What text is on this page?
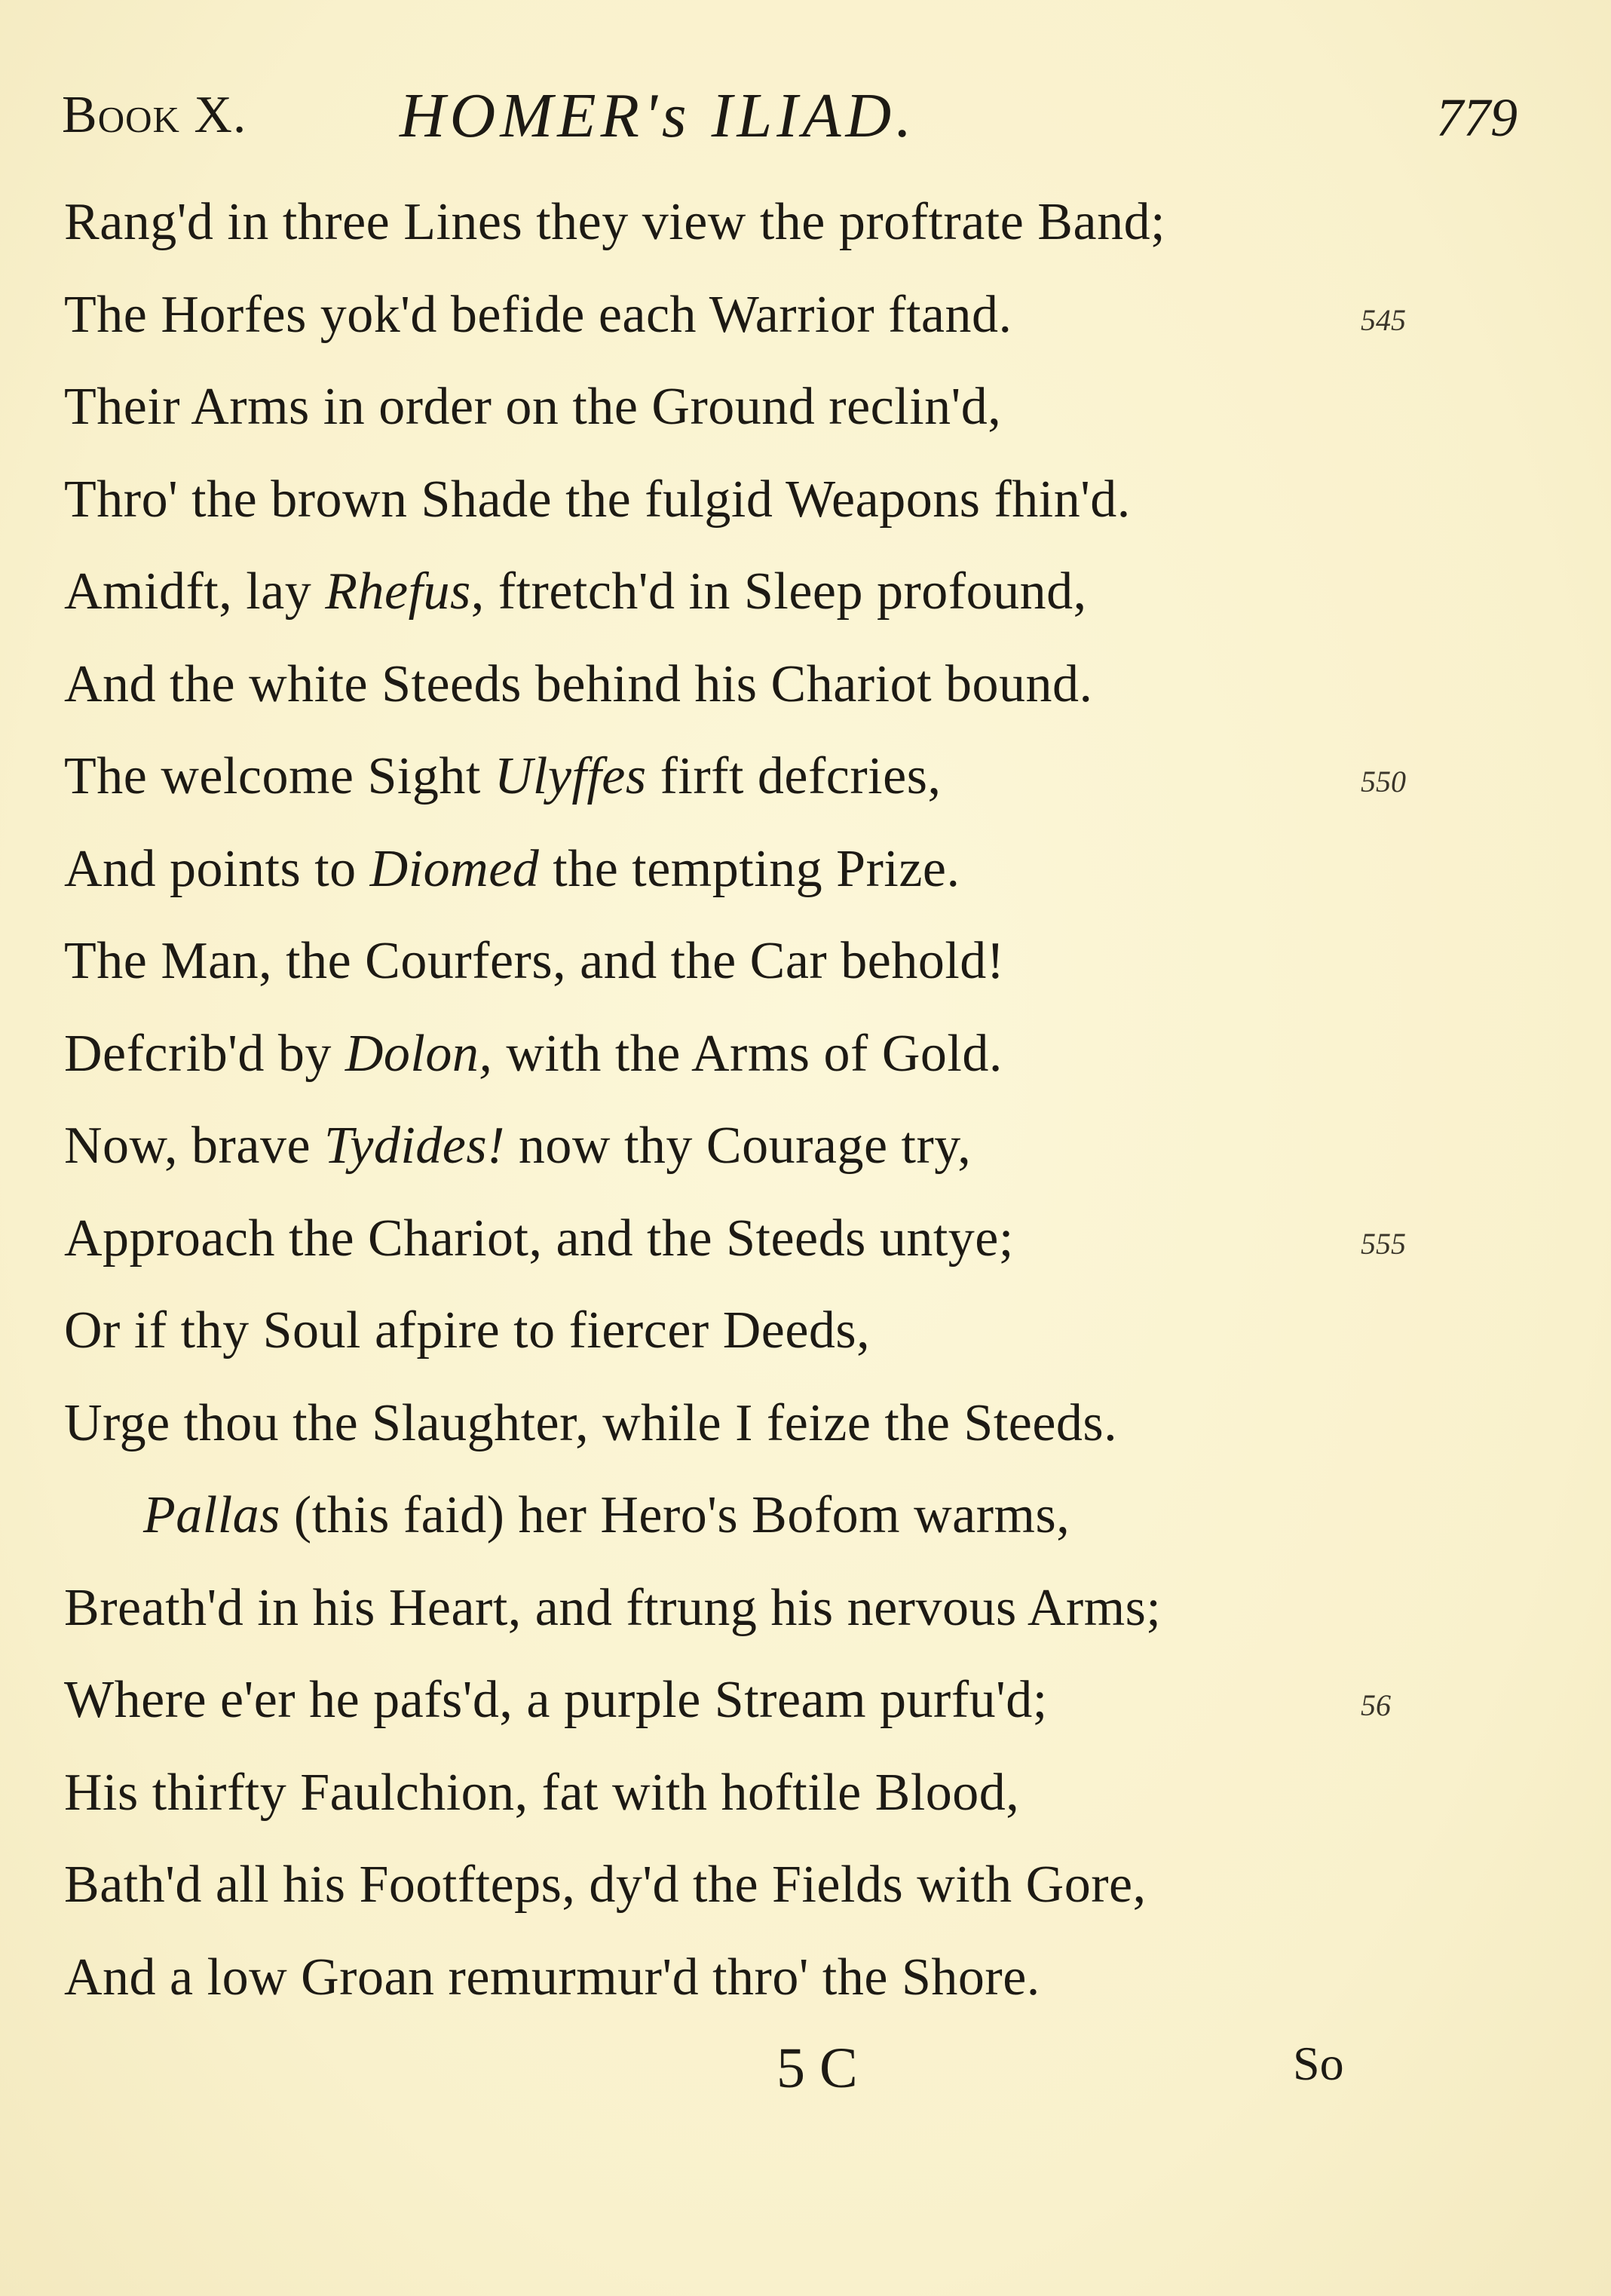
Book X. HOMER's ILIAD.	779
Rang'd in three Lines they view the proftrate Band;
The Horfes yok'd befide each Warrior ftand.	545
Their Arms in order on the Ground reclin'd,
Thro' the brown Shade the fulgid Weapons fhin'd.
Amidft, lay Rhefus, ftretch'd in Sleep profound,
And the white Steeds behind his Chariot bound.
The welcome Sight Ulyffes firft defcries,	550
And points to Diomed the tempting Prize.
The Man, the Courfers, and the Car behold!
Defcrib'd by Dolon, with the Arms of Gold.
Now, brave Tydides! now thy Courage try,
Approach the Chariot, and the Steeds untye;	555
Or if thy Soul afpire to fiercer Deeds,
Urge thou the Slaughter, while I feize the Steeds.
Pallas (this faid) her Hero's Bofom warms,
Breath'd in his Heart, and ftrung his nervous Arms;
Where e'er he pafs'd, a purple Stream purfu'd;	56
His thirfty Faulchion, fat with hoftile Blood,
Bath'd all his Footfteps, dy'd the Fields with Gore,
And a low Groan remurmur'd thro' the Shore.
5 C	So
